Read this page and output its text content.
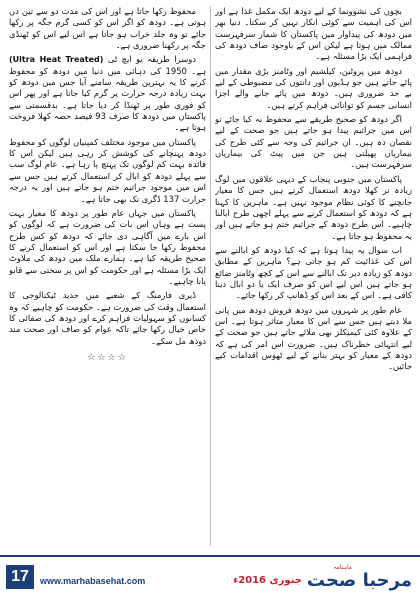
بچوں کی نشوونما کے لیے دودھ ایک مکمل غذا ہے اور اس کی اہمیت سے کوئی انکار نہیں کر سکتا۔ دنیا بھر میں دودھ کی پیداوار میں پاکستان کا شمار سرفہرست ممالک میں ہوتا ہے لیکن اس کے باوجود صاف دودھ کی فراہمی ایک بڑا مسئلہ ہے۔

دودھ میں پروٹین، کیلشیم اور وٹامنز بڑی مقدار میں پائے جاتے ہیں جو ہڈیوں اور دانتوں کی مضبوطی کے لیے بے حد ضروری ہیں۔ دودھ میں پائے جانے والے اجزا انسانی جسم کو توانائی فراہم کرتے ہیں۔

اگر دودھ کو صحیح طریقے سے محفوظ نہ کیا جائے تو اس میں جراثیم پیدا ہو جاتے ہیں جو صحت کے لیے نقصان دہ ہیں۔ ان جراثیم کی وجہ سے کئی طرح کی بیماریاں پھیلتی ہیں جن میں پیٹ کی بیماریاں سرفہرست ہیں۔

پاکستان میں جنوبی پنجاب کے دیہی علاقوں میں لوگ زیادہ تر کھلا دودھ استعمال کرتے ہیں جس کا معیار جانچنے کا کوئی نظام موجود نہیں ہے۔ ماہرین کا کہنا ہے کہ دودھ کو استعمال کرنے سے پہلے اچھی طرح ابالنا چاہیے۔ اس طرح دودھ کے جراثیم ختم ہو جاتے ہیں اور یہ محفوظ ہو جاتا ہے۔

اب سوال یہ پیدا ہوتا ہے کہ کیا دودھ کو ابالنے سے اس کی غذائیت کم ہو جاتی ہے؟ ماہرین کے مطابق دودھ کو زیادہ دیر تک ابالنے سے اس کے کچھ وٹامنز ضائع ہو جاتے ہیں اس لیے اس کو صرف ایک یا دو ابال دینا کافی ہے۔ اس کے بعد اس کو ڈھانپ کر رکھا جائے۔

عام طور پر شہروں میں دودھ فروش دودھ میں پانی ملا دیتے ہیں جس سے اس کا معیار متاثر ہوتا ہے۔ اس کے علاوہ کئی کیمیکلز بھی ملائے جاتے ہیں جو صحت کے لیے انتہائی خطرناک ہیں۔ ضرورت اس امر کی ہے کہ دودھ کے معیار کو بہتر بنانے کے لیے ٹھوس اقدامات کیے جائیں۔

محفوظ رکھا جاتا ہے اور اس کی مدت دو سے تین دن ہوتی ہے۔ دودھ کو اگر اس کو کسی گرم جگہ پر رکھا جائے تو وہ جلد خراب ہو جاتا ہے اس لیے اس کو ٹھنڈی جگہ پر رکھنا ضروری ہے۔

دوسرا طریقہ یو ایچ ٹی (Ultra Heat Treated) ہے۔ 1950 کی دہائی میں دنیا میں دودھ کو محفوظ کرنے کا یہ بہترین طریقہ سامنے آیا جس میں دودھ کو بہت زیادہ درجہ حرارت پر گرم کیا جاتا ہے اور پھر اس کو فوری طور پر ٹھنڈا کر دیا جاتا ہے۔ بدقسمتی سے پاکستان میں دودھ کا صرف 93 فیصد حصہ کھلا فروخت ہوتا ہے۔

پاکستان میں موجود مختلف کمپنیاں لوگوں کو محفوظ دودھ پہنچانے کی کوشش کر رہی ہیں لیکن اس کا فائدہ بہت کم لوگوں تک پہنچ پا رہا ہے۔ عام لوگ سب سے پہلے دودھ کو ابال کر استعمال کرتے ہیں جس سے اس میں موجود جراثیم ختم ہو جاتے ہیں اور یہ درجہ حرارت 137 ڈگری تک بھی جاتا ہے۔

پاکستان میں جہاں عام طور پر دودھ کا معیار بہت پست ہے وہاں اس بات کی ضرورت ہے کہ لوگوں کو اس بارے میں آگاہی دی جائے کہ دودھ کو کس طرح محفوظ رکھا جا سکتا ہے اور اس کو استعمال کرنے کا صحیح طریقہ کیا ہے۔ ہمارے ملک میں دودھ کی ملاوٹ ایک بڑا مسئلہ ہے اور حکومت کو اس پر سختی سے قابو پانا چاہیے۔

ڈیری فارمنگ کے شعبے میں جدید ٹیکنالوجی کا استعمال وقت کی ضرورت ہے۔ حکومت کو چاہیے کہ وہ کسانوں کو سہولیات فراہم کرے اور دودھ کی صفائی کا خاص خیال رکھا جائے تاکہ عوام کو صاف اور صحت مند دودھ مل سکے۔

☆☆☆☆
17	www.marhabasehat.com	جنوری 2016ء
ماہنامہ
مرحبا صحت
